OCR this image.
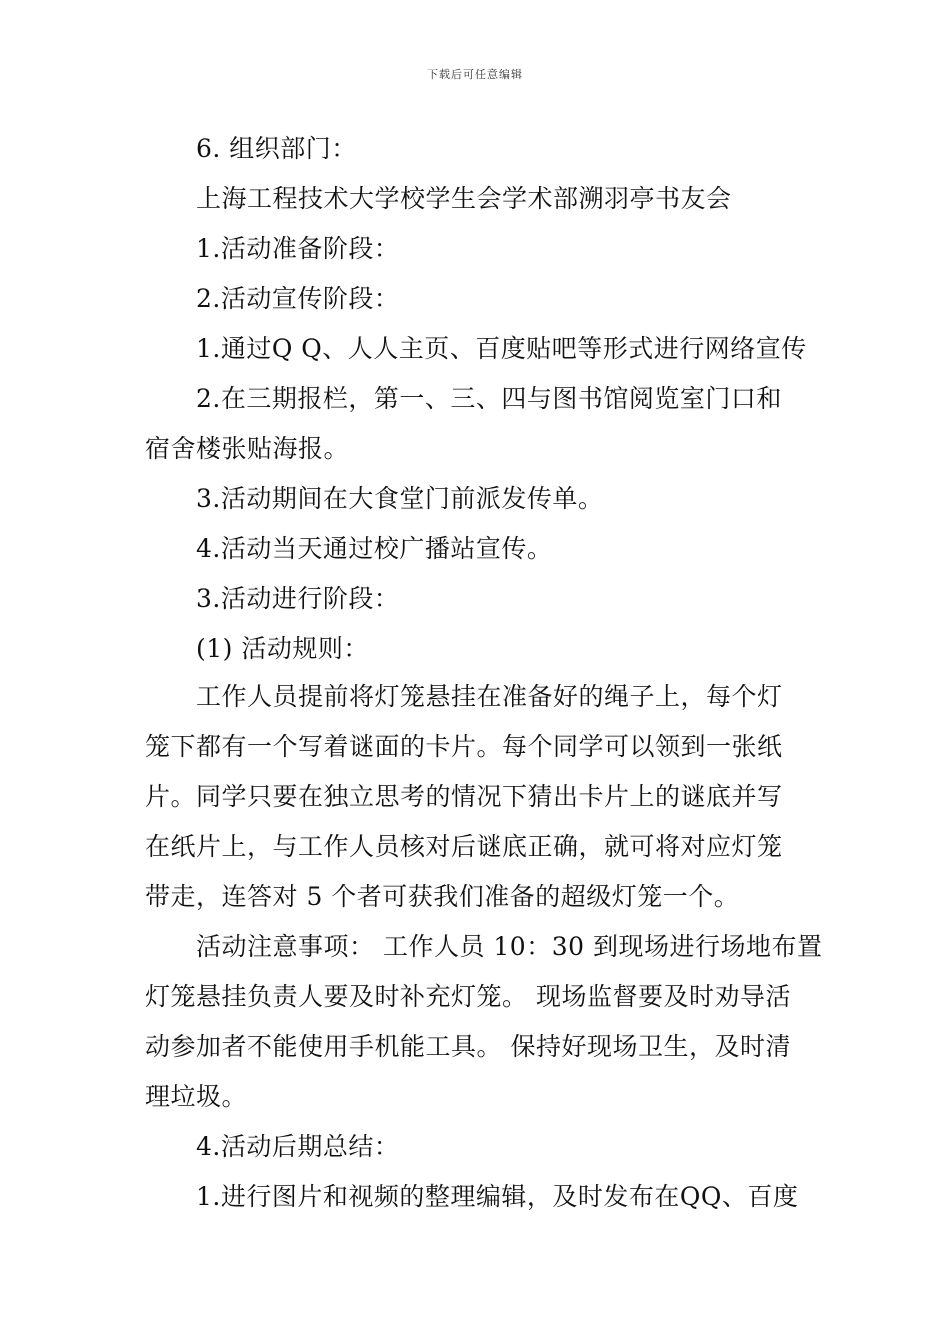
下载后可任意编辑
6. 组织部门：
上海工程技术大学校学生会学术部溯羽亭书友会
1.活动准备阶段：
2.活动宣传阶段：
1.通过Q Q、人人主页、百度贴吧等形式进行网络宣传
2.在三期报栏，第一、三、四与图书馆阅览室门口和
宿舍楼张贴海报。
3.活动期间在大食堂门前派发传单。
4.活动当天通过校广播站宣传。
3.活动进行阶段：
(1) 活动规则：
工作人员提前将灯笼悬挂在准备好的绳子上，每个灯
笼下都有一个写着谜面的卡片。每个同学可以领到一张纸
片。同学只要在独立思考的情况下猜出卡片上的谜底并写
在纸片上，与工作人员核对后谜底正确，就可将对应灯笼
带走，连答对 5 个者可获我们准备的超级灯笼一个。
活动注意事项： 工作人员 10：30 到现场进行场地布置
灯笼悬挂负责人要及时补充灯笼。 现场监督要及时劝导活
动参加者不能使用手机能工具。 保持好现场卫生，及时清
理垃圾。
4.活动后期总结：
1.进行图片和视频的整理编辑，及时发布在QQ、百度
